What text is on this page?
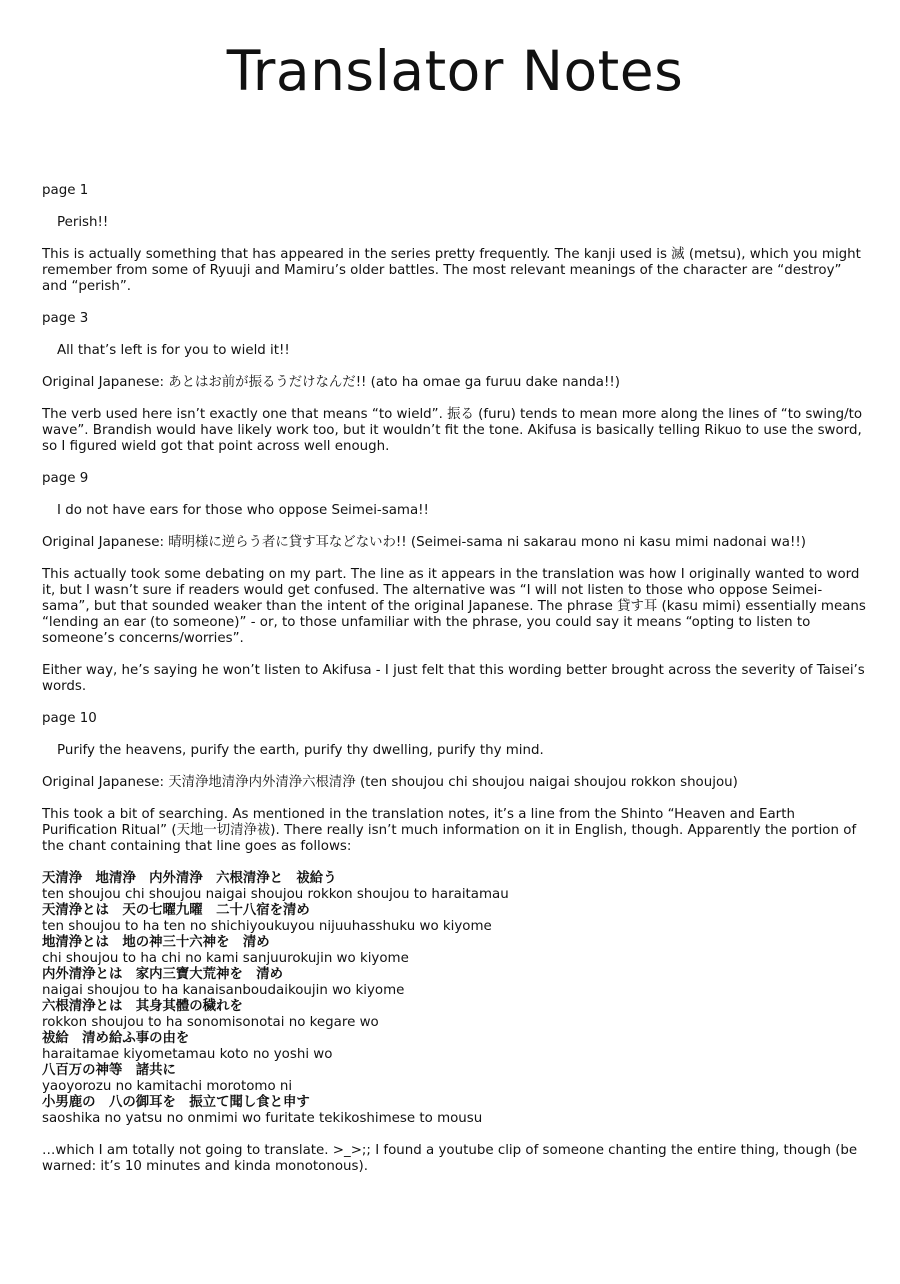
Translator Notes

page 1

Perish!!

This is actually something that has appeared in the series pretty frequently. The kanji used is 滅 (metsu), which you might remember from some of Ryuuji and Mamiru’s older battles. The most relevant meanings of the character are “destroy” and “perish”.

page 3

All that’s left is for you to wield it!!

Original Japanese: あとはお前が振るうだけなんだ!! (ato ha omae ga furuu dake nanda!!)

The verb used here isn’t exactly one that means “to wield”. 振る (furu) tends to mean more along the lines of “to swing/to wave”. Brandish would have likely work too, but it wouldn’t fit the tone. Akifusa is basically telling Rikuo to use the sword, so I figured wield got that point across well enough.

page 9

I do not have ears for those who oppose Seimei-sama!!

Original Japanese: 晴明様に逆らう者に貸す耳などないわ!! (Seimei-sama ni sakarau mono ni kasu mimi nadonai wa!!)

This actually took some debating on my part. The line as it appears in the translation was how I originally wanted to word it, but I wasn’t sure if readers would get confused. The alternative was “I will not listen to those who oppose Seimei-sama”, but that sounded weaker than the intent of the original Japanese. The phrase 貸す耳 (kasu mimi) essentially means “lending an ear (to someone)” - or, to those unfamiliar with the phrase, you could say it means “opting to listen to someone’s concerns/worries”.

Either way, he’s saying he won’t listen to Akifusa - I just felt that this wording better brought across the severity of Taisei’s words.

page 10

Purify the heavens, purify the earth, purify thy dwelling, purify thy mind.

Original Japanese: 天清浄地清浄内外清浄六根清浄 (ten shoujou chi shoujou naigai shoujou rokkon shoujou)

This took a bit of searching. As mentioned in the translation notes, it’s a line from the Shinto “Heaven and Earth Purification Ritual” (天地一切清浄祓). There really isn’t much information on it in English, though. Apparently the portion of the chant containing that line goes as follows:

天清浄　地清浄　内外清浄　六根清浄と　祓給う
ten shoujou chi shoujou naigai shoujou rokkon shoujou to haraitamau
天清浄とは　天の七曜九曜　二十八宿を清め
ten shoujou to ha ten no shichiyoukuyou nijuuhasshuku wo kiyome
地清浄とは　地の神三十六神を　清め
chi shoujou to ha chi no kami sanjuurokujin wo kiyome
内外清浄とは　家内三寶大荒神を　清め
naigai shoujou to ha kanaisanboudaikoujin wo kiyome
六根清浄とは　其身其體の穢れを
rokkon shoujou to ha sonomisonotai no kegare wo
祓給　清め給ふ事の由を
haraitamae kiyometamau koto no yoshi wo
八百万の神等　諸共に
yaoyorozu no kamitachi morotomo ni
小男鹿の　八の御耳を　振立て聞し食と申す
saoshika no yatsu no onmimi wo furitate tekikoshimese to mousu

…which I am totally not going to translate. >_>;; I found a youtube clip of someone chanting the entire thing, though (be warned: it’s 10 minutes and kinda monotonous).
